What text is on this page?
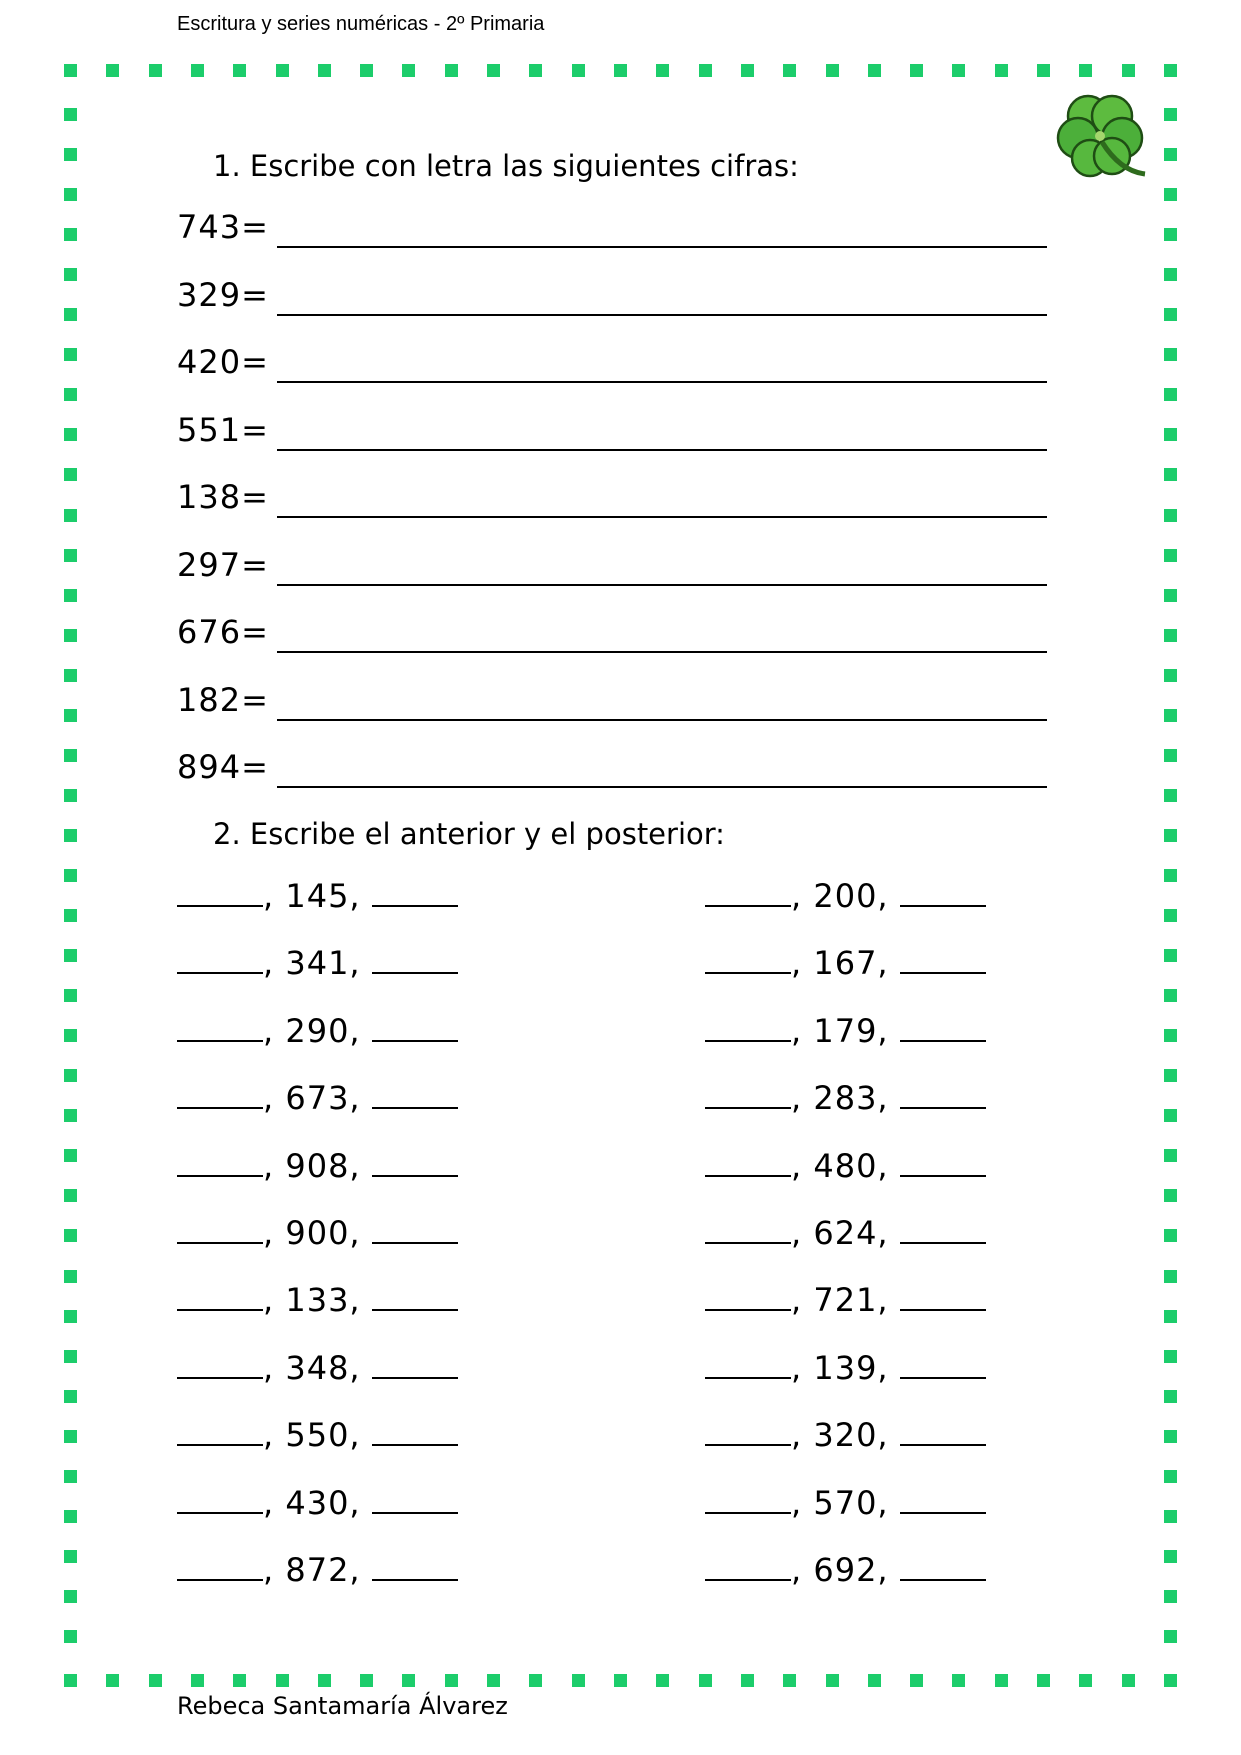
Escritura y series numéricas - 2º Primaria
1. Escribe con letra las siguientes cifras:
743=
329=
420=
551=
138=
297=
676=
182=
894=
2. Escribe el anterior y el posterior:
, 145,
, 341,
, 290,
, 673,
, 908,
, 900,
, 133,
, 348,
, 550,
, 430,
, 872,
, 200,
, 167,
, 179,
, 283,
, 480,
, 624,
, 721,
, 139,
, 320,
, 570,
, 692,
Rebeca Santamaría Álvarez
